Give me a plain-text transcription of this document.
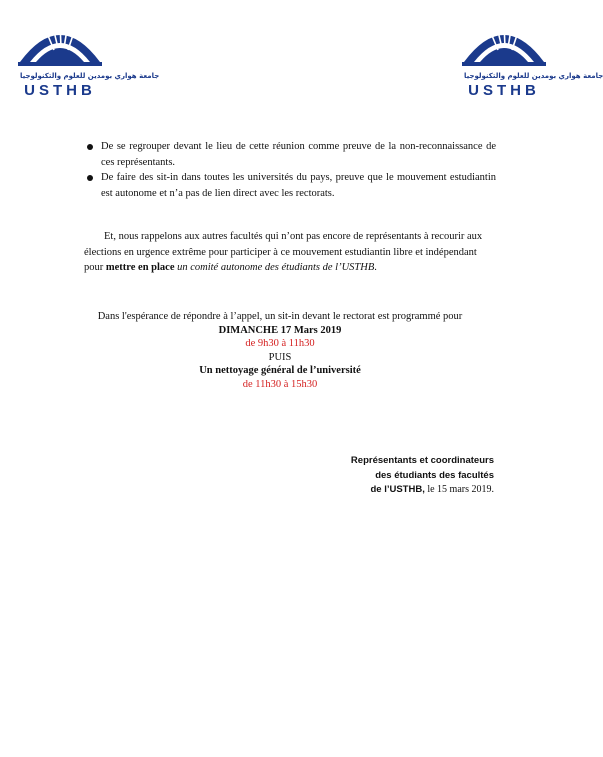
جامعة هواري بومدين للعلوم والتكنولوجيا
USTHB
جامعة هواري بومدين للعلوم والتكنولوجيا
USTHB
De se regrouper devant le lieu de cette réunion comme preuve de la non-reconnaissance de ces représentants.
De faire des sit-in dans toutes les universités du pays, preuve que le mouvement estudiantin est autonome et n’a pas de lien direct avec les rectorats.
Et, nous rappelons aux autres facultés qui n’ont pas encore de représentants à recourir aux élections en urgence extrême pour participer à ce mouvement estudiantin libre et indépendant pour mettre en place un comité autonome des étudiants de l’USTHB.
Dans l'espérance de répondre à l’appel, un sit-in devant le rectorat est programmé pour
DIMANCHE 17 Mars 2019
de 9h30 à 11h30
PUIS
Un nettoyage général de l’université
de 11h30 à 15h30
Représentants et coordinateurs
des étudiants des facultés
de l’USTHB, le 15 mars 2019.
